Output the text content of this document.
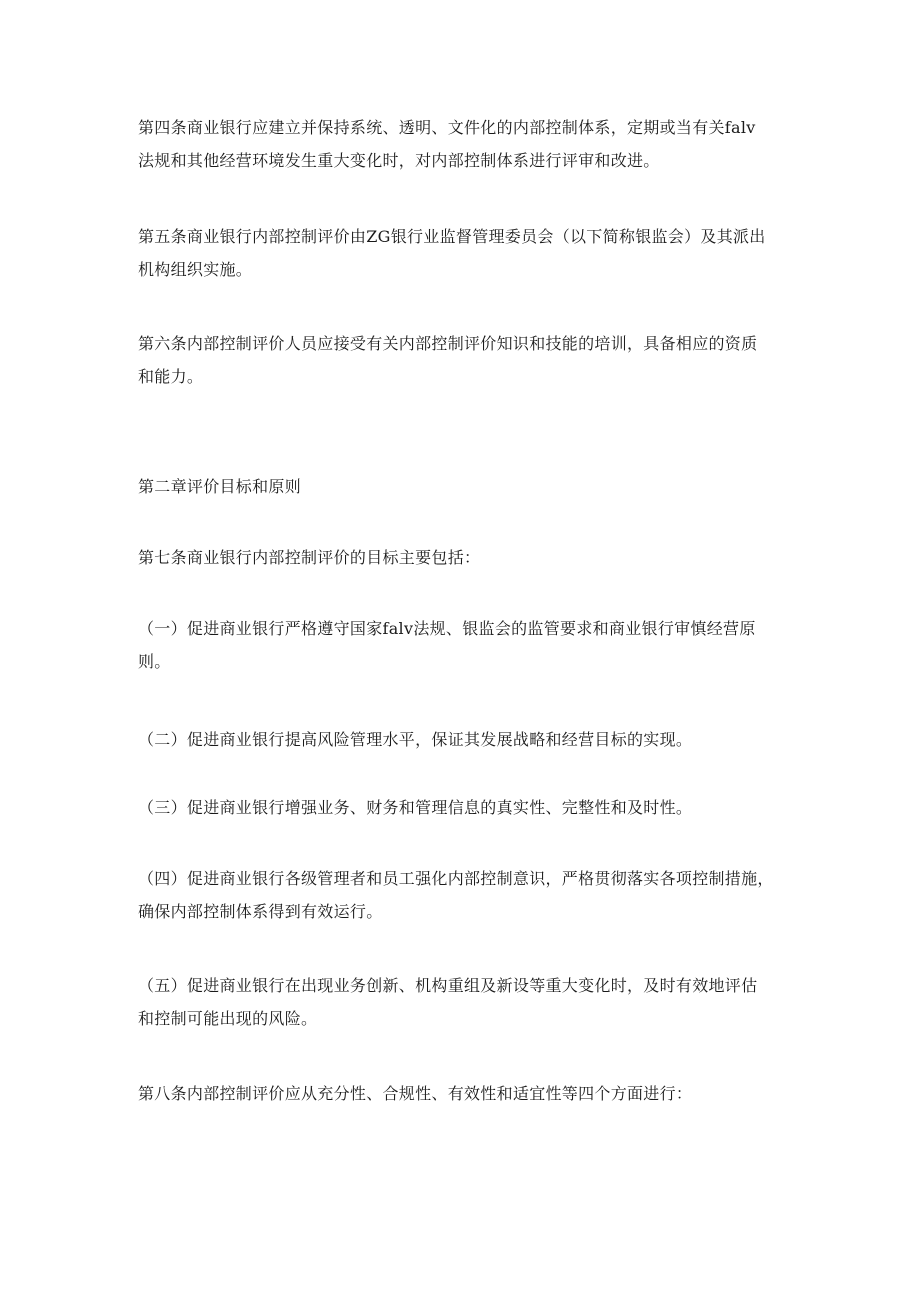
第四条商业银行应建立并保持系统、透明、文件化的内部控制体系，定期或当有关falv
法规和其他经营环境发生重大变化时，对内部控制体系进行评审和改进。

第五条商业银行内部控制评价由ZG银行业监督管理委员会（以下简称银监会）及其派出
机构组织实施。

第六条内部控制评价人员应接受有关内部控制评价知识和技能的培训，具备相应的资质
和能力。

第二章评价目标和原则

第七条商业银行内部控制评价的目标主要包括：

（一）促进商业银行严格遵守国家falv法规、银监会的监管要求和商业银行审慎经营原
则。

（二）促进商业银行提高风险管理水平，保证其发展战略和经营目标的实现。

（三）促进商业银行增强业务、财务和管理信息的真实性、完整性和及时性。

（四）促进商业银行各级管理者和员工强化内部控制意识，严格贯彻落实各项控制措施，
确保内部控制体系得到有效运行。

（五）促进商业银行在出现业务创新、机构重组及新设等重大变化时，及时有效地评估
和控制可能出现的风险。

第八条内部控制评价应从充分性、合规性、有效性和适宜性等四个方面进行：
